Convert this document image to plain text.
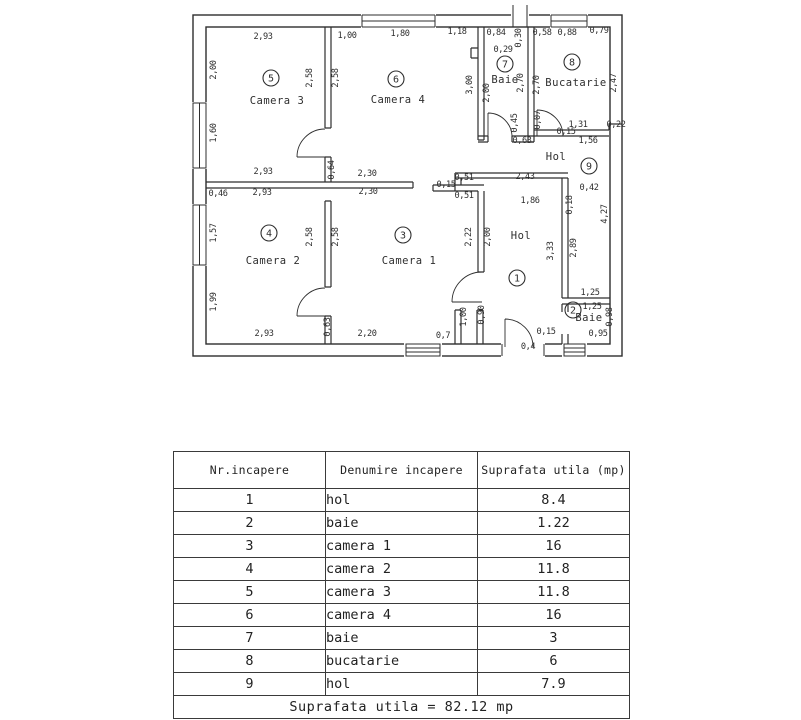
2,93	1,00	1,80	1,18 0,84 0,30 0,58 0,88 0,79
2,00	2,58 2,58
0,29
3,00 2,00
2,70 2,70	2,47
1,60
0,45 0,07	1,31 0,22
0,15
0,63	1,56
2,93	0,64 2,30
0,15
0,51	2,43
0,51	1,86
0,42
0,18	4,27
0,46	2,93	2,30
1,57	2,58 2,58	2,22 2,00
3,33 2,89
1,99	1,25
1,25
0,98
2,93	0,63	2,20	0,7
1,00 0,90
0,4
0,15	0,95
Camera 3	Camera 4
Baie	Bucatarie
Hol
Camera 2	Camera 1
Hol
Baie
5	6
7	8
9
4	3
1
2
Nr.incapere	Denumire incapere	Suprafata utila (mp)
1	hol	8.4
2	baie	1.22
3	camera 1	16
4	camera 2	11.8
5	camera 3	11.8
6	camera 4	16
7	baie	3
8	bucatarie	6
9	hol	7.9
Suprafata utila = 82.12 mp		
